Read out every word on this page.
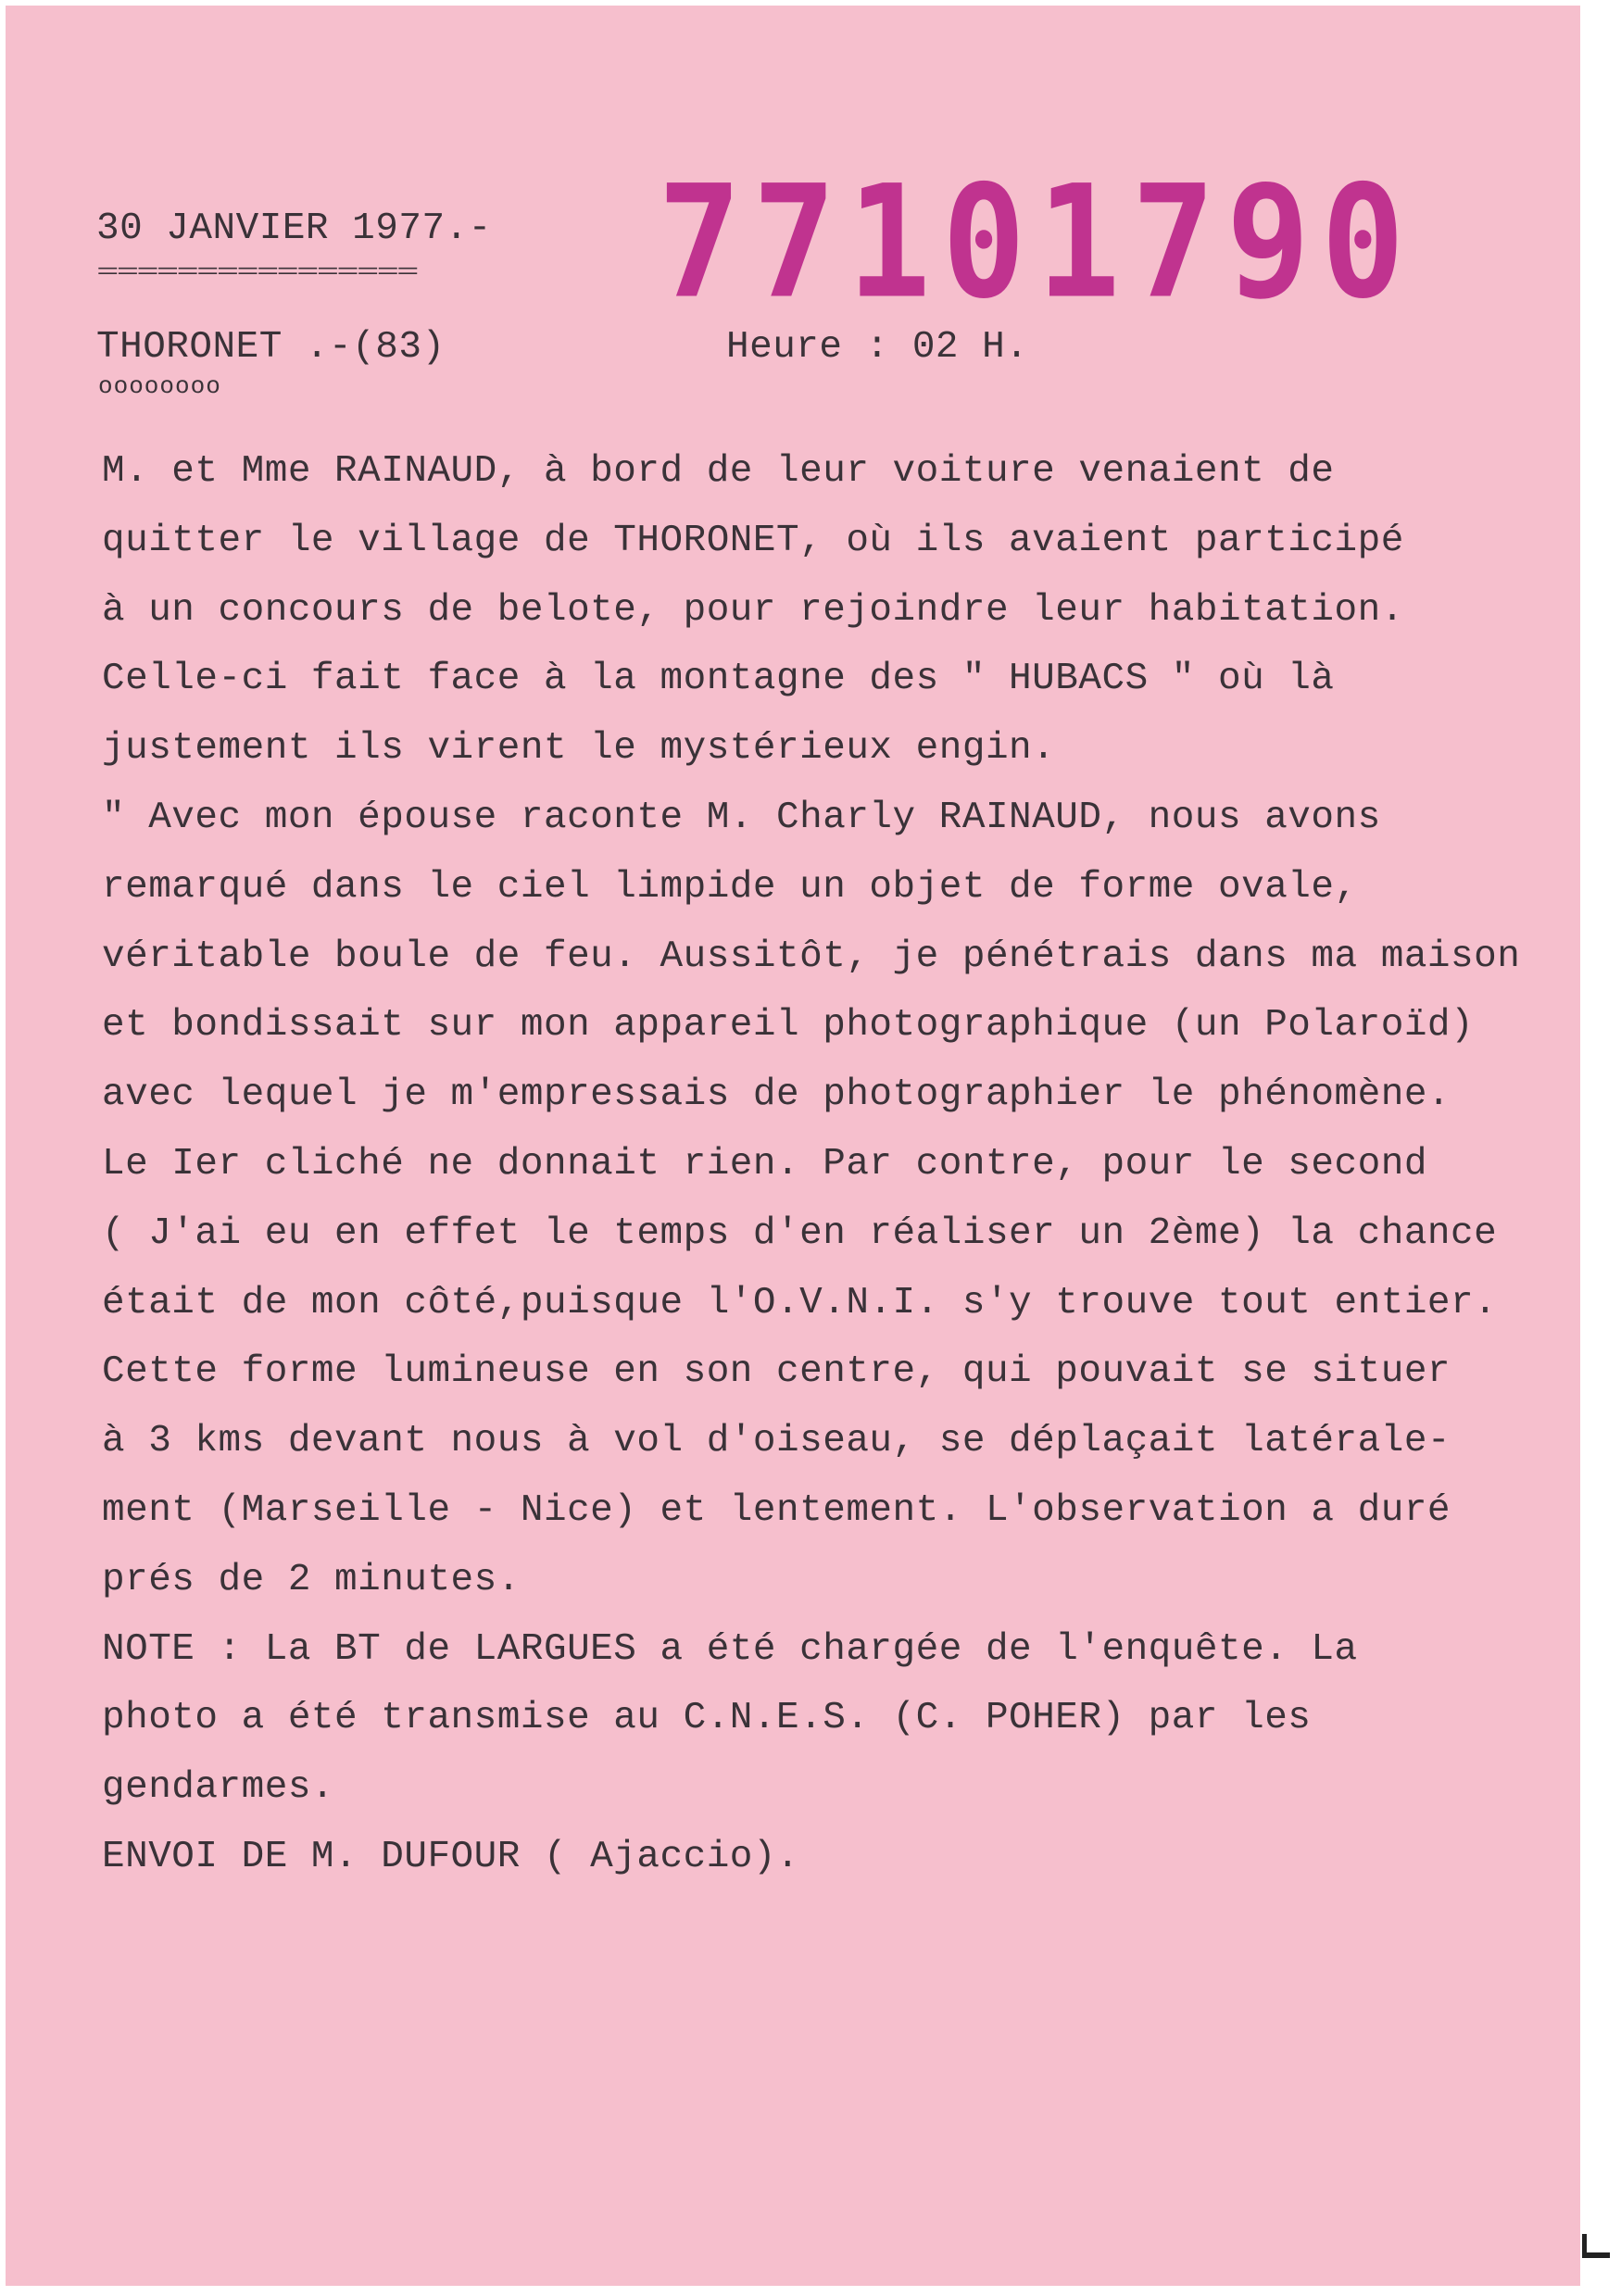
30 JANVIER 1977.-
================ 77101790
THORONET .-(83)
oooooooo
Heure : 02 H.
M. et Mme RAINAUD, à bord de leur voiture venaient de
quitter le village de THORONET, où ils avaient participé
à un concours de belote, pour rejoindre leur habitation.
Celle-ci fait face à la montagne des " HUBACS " où là
justement ils virent le mystérieux engin.
" Avec mon épouse raconte M. Charly RAINAUD, nous avons
remarqué dans le ciel limpide un objet de forme ovale,
véritable boule de feu. Aussitôt, je pénétrais dans ma maison
et bondissait sur mon appareil photographique (un Polaroïd)
avec lequel je m'empressais de photographier le phénomène.
Le Ier cliché ne donnait rien. Par contre, pour le second
( J'ai eu en effet le temps d'en réaliser un 2ème) la chance
était de mon côté,puisque l'O.V.N.I. s'y trouve tout entier.
Cette forme lumineuse en son centre, qui pouvait se situer
à 3 kms devant nous à vol d'oiseau, se déplaçait latérale-
ment (Marseille - Nice) et lentement. L'observation a duré
prés de 2 minutes.
NOTE : La BT de LARGUES a été chargée de l'enquête. La
photo a été transmise au C.N.E.S. (C. POHER) par les
gendarmes.
ENVOI DE M. DUFOUR ( Ajaccio).
